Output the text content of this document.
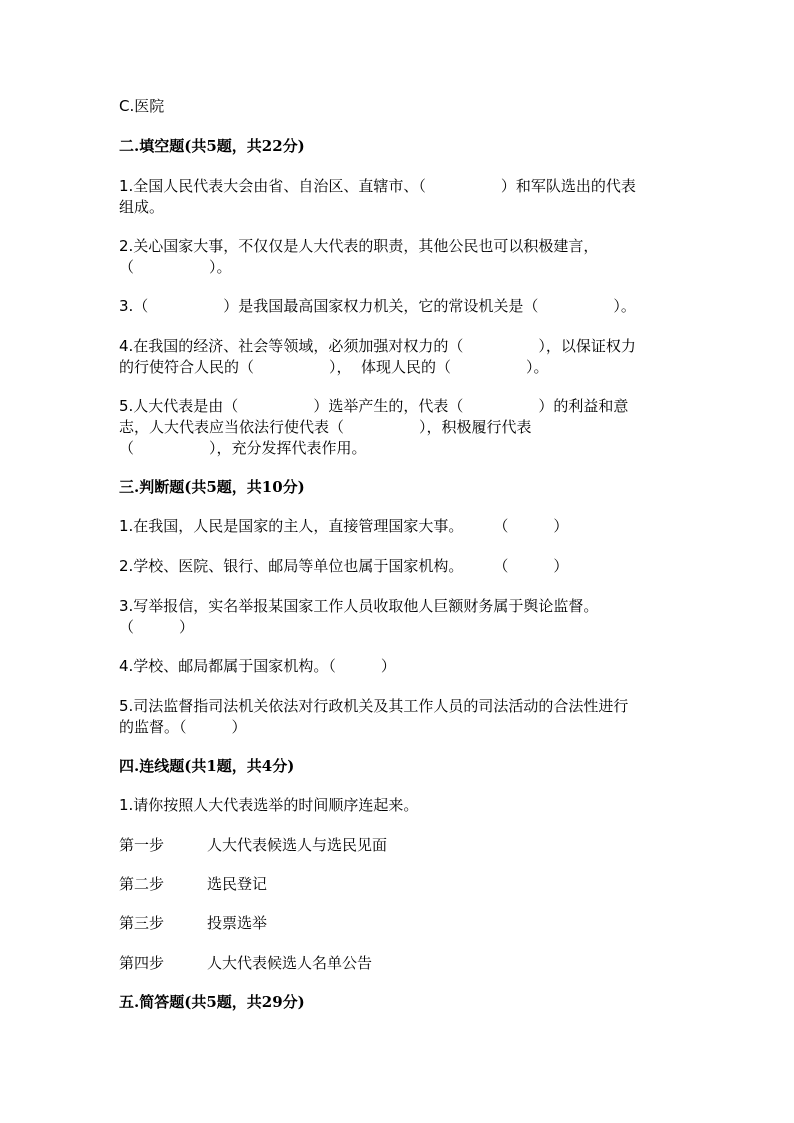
C.医院
二.填空题(共5题，共22分)
1.全国人民代表大会由省、自治区、直辖市、（　　　　　）和军队选出的代表
组成。
2.关心国家大事，不仅仅是人大代表的职责，其他公民也可以积极建言，
（　　　　　）。
3.（　　　　　）是我国最高国家权力机关，它的常设机关是（　　　　　）。
4.在我国的经济、社会等领域，必须加强对权力的（　　　　　），以保证权力
的行使符合人民的（　　　　　），  体现人民的（　　　　　）。
5.人大代表是由（　　　　　）选举产生的，代表（　　　　　）的利益和意
志，人大代表应当依法行使代表（　　　　　），积极履行代表
（　　　　　），充分发挥代表作用。
三.判断题(共5题，共10分)
1.在我国，人民是国家的主人，直接管理国家大事。　　　（　　　）
2.学校、医院、银行、邮局等单位也属于国家机构。　　　（　　　）
3.写举报信，实名举报某国家工作人员收取他人巨额财务属于舆论监督。
（　　　）
4.学校、邮局都属于国家机构。（　　　）
5.司法监督指司法机关依法对行政机关及其工作人员的司法活动的合法性进行
的监督。（　　　）
四.连线题(共1题，共4分)
1.请你按照人大代表选举的时间顺序连起来。
第一步	人大代表候选人与选民见面
第二步	选民登记
第三步	投票选举
第四步	人大代表候选人名单公告
五.简答题(共5题，共29分)
